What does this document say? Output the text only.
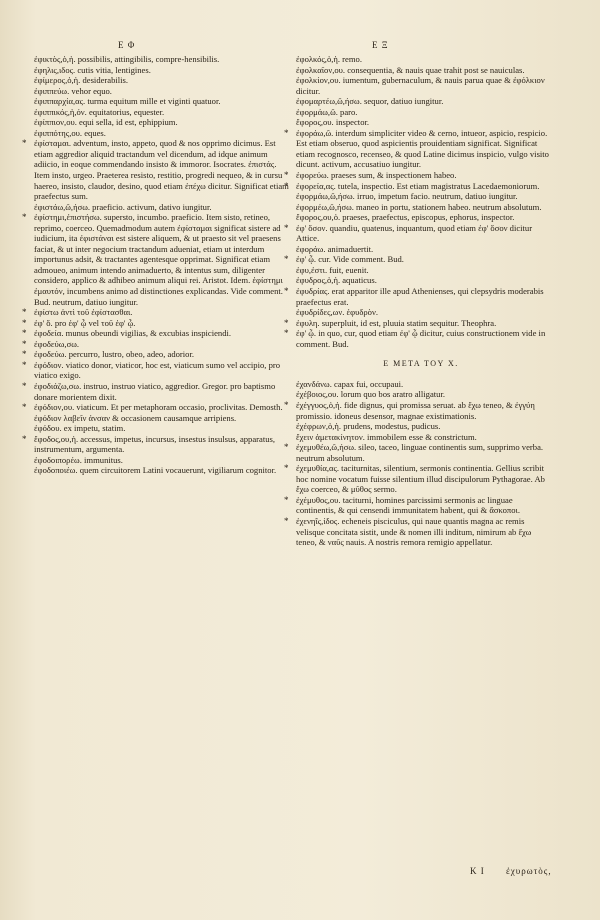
E Φ	E Ξ
ἐφικτὸς,ὁ,ἡ. possibilis, attingibilis, compre-hensibilis.
ἐφηλις,ιδος. cutis vitia, lentigines.
ἐφίμερος,ὁ,ἡ. desiderabilis.
ἐφιππεύω. vehor equo.
ἐφιππαρχία,ας. turma equitum mille et viginti quatuor.
ἐφιππικός,ἡ,όν. equitatorius, equester.
ἐφίππιον,ου. equi sella, id est, ephippium.
ἐφιππότης,ου. eques.
* ἐφίσταμαι. adventum, insto, appeto, quod & nos opprimo dicimus. Est etiam aggredior aliquid tractandum vel dicendum, ad idque animum adiicio, in eoque commendando insisto & immoror. Isocrates. ἐπιστάς. Item insto, urgeo. Praeterea resisto, restitio, progredi nequeo, & in cursu haereo, insisto, claudor, desino, quod etiam ἐπέχω dicitur. Significat etiam praefectus sum.
ἐφιστάω,ῶ,ήσω. praeficio. activum, dativo iungitur.
* ἐφίστημι,ἐπιστήσω. supersto, incumbo. praeficio. Item sisto, retineo, reprimo, coerceo. Quemadmodum autem ἐφίσταμαι significat sistere ad iudicium, ita ἐφιστάναι est sistere aliquem, & ut praesto sit vel praesens faciat, & ut inter negocium tractandum adueniat, etiam ut interdum importunus adsit, & tractantes agentesque opprimat. Significat etiam admoueo, animum intendo animaduerto, & intentus sum, diligenter considero, applico & adhibeo animum aliqui rei. Aristot. Idem. ἐφίστημι ἐμαυτόν, incumbens animo ad distinctiones explicandas. Vide comment. Bud. neutrum, datiuo iungitur.
* ἐφίστω ἀντὶ τοῦ ἐφίστασθαι.
* ἐφ' ὅ. pro ἐφ' ᾧ vel τοῦ ἐφ' ᾧ.
* ἐφοδεία. munus obeundi vigilias, & excubias inspiciendi.
* ἐφοδεύω,σω.
* ἐφοδεύω. percurro, lustro, obeo, adeo, adorior.
* ἐφόδιον. viatico donor, viaticor, hoc est, viaticum sumo vel accipio, pro viatico exigo.
* ἐφοδιάζω,σω. instruo, instruo viatico, aggredior. Gregor. pro baptismo donare morientem dixit.
* ἐφόδιον,ου. viaticum. Et per metaphoram occasio, proclivitas. Demosth. ἐφόδιον λαβεῖν ἀνσαν & occasionem causamque arripiens.
ἐφόδου. ex impetu, statim.
* ἔφοδος,ου,ἡ. accessus, impetus, incursus, insestus insulsus, apparatus, instrumentum, argumenta.
ἐφοδοιπορέω. immunitus.
ἐφοδοποιέω. quem circuitorem Latini vocauerunt, vigiliarum cognitor.
ἐφολκός,ὁ,ἡ. remo.
ἐφολκαῖον,ου. consequentia, & nauis quae trahit post se nauiculas.
ἐφολκίον,ου. iumentum, gubernaculum, & nauis parua quae & ἐφόλκιον dicitur.
ἐφομαρτέω,ῶ,ήσω. sequor, datiuo iungitur.
ἐφορμάω,ῶ. paro.
ἔφορος,ου. inspector.
* ἐφοράω,ῶ. interdum simpliciter video & cerno, intueor, aspicio, respicio. Est etiam obseruo, quod aspicientis prouidentiam significat. Significat etiam recognosco, recenseo, & quod Latine dicimus inspicio, vulgo visito dicunt. activum, accusatiuo iungitur.
* ἐφορεύω. praeses sum, & inspectionem habeo.
* ἐφορεία,ας. tutela, inspectio. Est etiam magistratus Lacedaemoniorum.
ἐφορμάω,ῶ,ήσω. irruo, impetum facio. neutrum, datiuo iungitur.
ἐφορμέω,ῶ,ήσω. maneo in portu, stationem habeo. neutrum absolutum.
ἔφορος,ου,ὁ. praeses, praefectus, episcopus, ephorus, inspector.
* ἐφ' ὅσον. quandiu, quatenus, inquantum, quod etiam ἐφ' ὅσον dicitur Attice.
ἐφοράω. animaduertit.
* ἐφ' ᾧ. cur. Vide comment. Bud.
ἐφυ,ἐστι. fuit, euenit.
ἐφυδρος,ὁ,ἡ. aquaticus.
* ἐφυδρίας. erat apparitor ille apud Athenienses, qui clepsydris moderabis praefectus erat.
ἐφυδρίδες,ων. ἐφυδρὸν.
* ἐφυλη. superpluit, id est, pluuia statim sequitur. Theophra.
* ἐφ' ᾧ. in quo, cur, quod etiam ἐφ' ᾧ dicitur, cuius constructionem vide in comment. Bud.
E META TOY X.
ἐχανδάνω. capax fui, occupaui.
ἐχέβοιος,ου. lorum quo bos aratro alligatur.
* ἐχέγγυος,ὁ,ἡ. fide dignus, qui promissa seruat. ab ἔχω teneo, & ἐγγύη promissio. idoneus desensor, magnae existimationis.
ἐχέφρων,ὁ,ἡ. prudens, modestus, pudicus.
ἔχειν ἀμετακίνητον. immobilem esse & constrictum.
* ἐχεμυθέω,ῶ,ήσω. sileo, taceo, linguae continentis sum, supprimo verba. neutrum absolutum.
* ἐχεμυθία,ας. taciturnitas, silentium, sermonis continentia. Gellius scribit hoc nomine vocatum fuisse silentium illud discipulorum Pythagorae. Ab ἔχω coerceo, & μῦθος sermo.
* ἐχέμυθος,ου. taciturni, homines parcissimi sermonis ac linguae continentis, & qui censendi immunitatem habent, qui & ἄσκοποι.
* ἐχενηΐς,ίδος. echeneis pisciculus, qui naue quantis magna ac remis velisque concitata sistit, unde & nomen illi inditum, nimirum ab ἔχω teneo, & ναῦς nauis. A nostris remora remigio appellatur.
K I ἐχυρωτὸς,
